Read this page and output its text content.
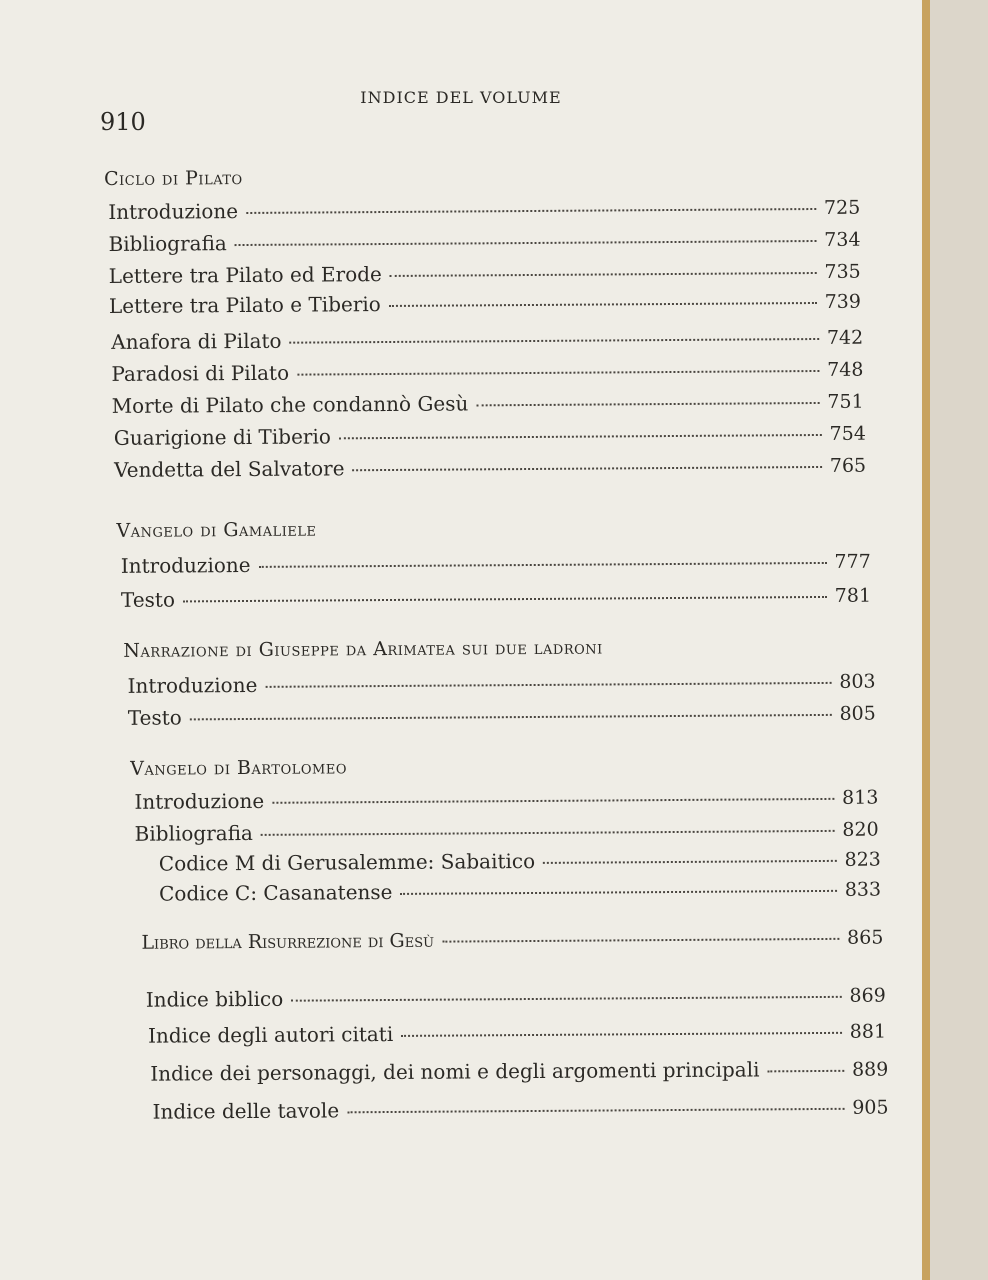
INDICE DEL VOLUME
910
Ciclo di Pilato
Introduzione	725
Bibliografia	734
Lettere tra Pilato ed Erode	735
Lettere tra Pilato e Tiberio	739
Anafora di Pilato	742
Paradosi di Pilato	748
Morte di Pilato che condannò Gesù	751
Guarigione di Tiberio	754
Vendetta del Salvatore	765
Vangelo di Gamaliele
Introduzione	777
Testo	781
Narrazione di Giuseppe da Arimatea sui due ladroni
Introduzione	803
Testo	805
Vangelo di Bartolomeo
Introduzione	813
Bibliografia	820
Codice M di Gerusalemme: Sabaitico	823
Codice C: Casanatense	833
Libro della Risurrezione di Gesù	865
Indice biblico	869
Indice degli autori citati	881
Indice dei personaggi, dei nomi e degli argomenti principali	889
Indice delle tavole	905
